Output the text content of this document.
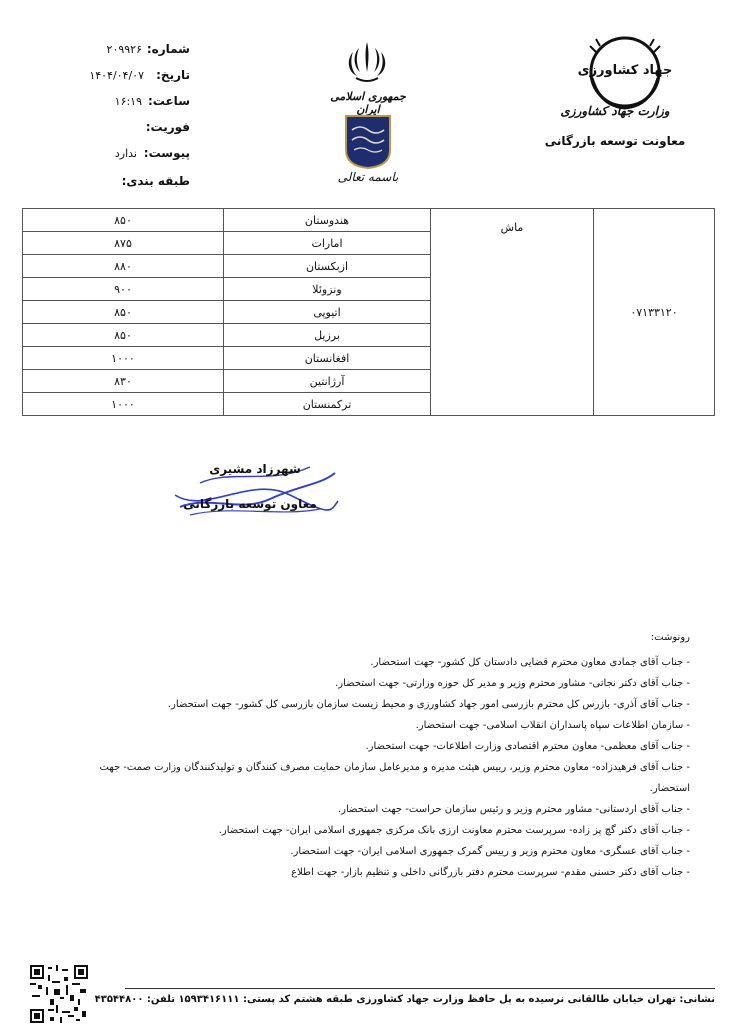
شماره:
۲۰۹۹۲۶
تاریخ:
۱۴۰۴/۰۴/۰۷
ساعت:
۱۶:۱۹
فوریت:
پیوست:
ندارد
طبقه بندی:
جمهوری اسلامی ایران
باسمه تعالی
جهاد کشاورزی
وزارت جهاد کشاورزی
معاونت توسعه بازرگانی
۰۷۱۳۳۱۲۰	ماش	هندوستان	۸۵۰
		امارات	۸۷۵
		ازبکستان	۸۸۰
		ونزوئلا	۹۰۰
		اتیوپی	۸۵۰
		برزیل	۸۵۰
		افغانستان	۱۰۰۰
		آرژانتین	۸۳۰
		ترکمنستان	۱۰۰۰
شهرزاد مشیری
معاون توسعه بازرگانی
رونوشت:
- جناب آقای جمادی معاون محترم قضایی دادستان کل کشور- جهت استحضار.
- جناب آقای دکتر نجاتی- مشاور محترم وزیر و مدیر کل حوزه وزارتی- جهت استحضار.
- جناب آقای آذری- بازرس کل محترم بازرسی امور جهاد کشاورزی و محیط زیست سازمان بازرسی کل کشور- جهت استحضار.
- سازمان اطلاعات سپاه پاسداران انقلاب اسلامی- جهت استحضار.
- جناب آقای معظمی- معاون محترم اقتصادی وزارت اطلاعات- جهت استحضار.
- جناب آقای فرهیدزاده- معاون محترم وزیر، رییس هیئت مدیره و مدیرعامل سازمان حمایت مصرف کنندگان و تولیدکنندگان وزارت صمت- جهت
استحضار.
- جناب آقای اردستانی- مشاور محترم وزیر و رئیس سازمان حراست- جهت استحضار.
- جناب آقای دکتر گچ پز زاده- سرپرست محترم معاونت ارزی بانک مرکزی جمهوری اسلامی ایران- جهت استحضار.
- جناب آقای عسگری- معاون محترم وزیر و رییس گمرک جمهوری اسلامی ایران- جهت استحضار.
- جناب آقای دکتر حسنی مقدم- سرپرست محترم دفتر بازرگانی داخلی و تنظیم بازار- جهت اطلاع
نشانی: تهران خیابان طالقانی نرسیده به پل حافظ وزارت جهاد کشاورزی طبقه هشتم کد پستی: ۱۵۹۳۴۱۶۱۱۱ تلفن: ۴۳۵۴۴۸۰۰
